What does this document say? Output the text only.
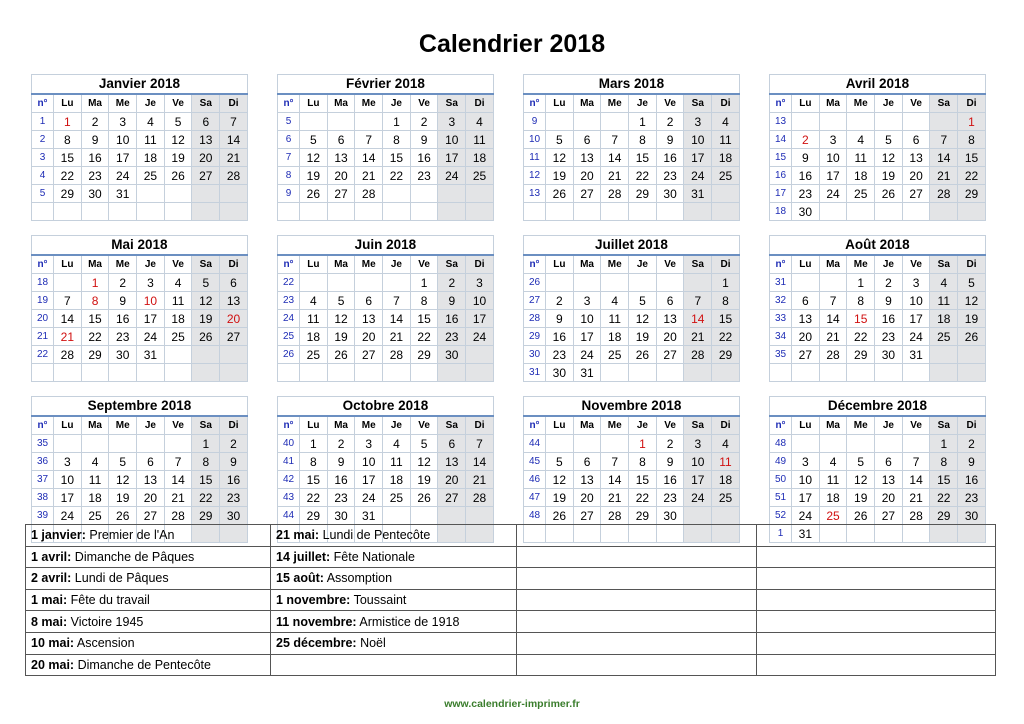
Calendrier 2018
Janvier 2018							
n°	Lu	Ma	Me	Je	Ve	Sa	Di
1	1	2	3	4	5	6	7
2	8	9	10	11	12	13	14
3	15	16	17	18	19	20	21
4	22	23	24	25	26	27	28
5	29	30	31				

Février 2018							
n°	Lu	Ma	Me	Je	Ve	Sa	Di
5				1	2	3	4
6	5	6	7	8	9	10	11
7	12	13	14	15	16	17	18
8	19	20	21	22	23	24	25
9	26	27	28				

Mars 2018							
n°	Lu	Ma	Me	Je	Ve	Sa	Di
9				1	2	3	4
10	5	6	7	8	9	10	11
11	12	13	14	15	16	17	18
12	19	20	21	22	23	24	25
13	26	27	28	29	30	31	

Avril 2018							
n°	Lu	Ma	Me	Je	Ve	Sa	Di
13							1
14	2	3	4	5	6	7	8
15	9	10	11	12	13	14	15
16	16	17	18	19	20	21	22
17	23	24	25	26	27	28	29
18	30						
Mai 2018							
n°	Lu	Ma	Me	Je	Ve	Sa	Di
18		1	2	3	4	5	6
19	7	8	9	10	11	12	13
20	14	15	16	17	18	19	20
21	21	22	23	24	25	26	27
22	28	29	30	31			

Juin 2018							
n°	Lu	Ma	Me	Je	Ve	Sa	Di
22					1	2	3
23	4	5	6	7	8	9	10
24	11	12	13	14	15	16	17
25	18	19	20	21	22	23	24
26	25	26	27	28	29	30	

Juillet 2018							
n°	Lu	Ma	Me	Je	Ve	Sa	Di
26							1
27	2	3	4	5	6	7	8
28	9	10	11	12	13	14	15
29	16	17	18	19	20	21	22
30	23	24	25	26	27	28	29
31	30	31					
Août 2018							
n°	Lu	Ma	Me	Je	Ve	Sa	Di
31			1	2	3	4	5
32	6	7	8	9	10	11	12
33	13	14	15	16	17	18	19
34	20	21	22	23	24	25	26
35	27	28	29	30	31		

Septembre 2018							
n°	Lu	Ma	Me	Je	Ve	Sa	Di
35						1	2
36	3	4	5	6	7	8	9
37	10	11	12	13	14	15	16
38	17	18	19	20	21	22	23
39	24	25	26	27	28	29	30

Octobre 2018							
n°	Lu	Ma	Me	Je	Ve	Sa	Di
40	1	2	3	4	5	6	7
41	8	9	10	11	12	13	14
42	15	16	17	18	19	20	21
43	22	23	24	25	26	27	28
44	29	30	31				

Novembre 2018							
n°	Lu	Ma	Me	Je	Ve	Sa	Di
44				1	2	3	4
45	5	6	7	8	9	10	11
46	12	13	14	15	16	17	18
47	19	20	21	22	23	24	25
48	26	27	28	29	30		

Décembre 2018							
n°	Lu	Ma	Me	Je	Ve	Sa	Di
48						1	2
49	3	4	5	6	7	8	9
50	10	11	12	13	14	15	16
51	17	18	19	20	21	22	23
52	24	25	26	27	28	29	30
1	31						
1 janvier: Premier de l'An	21 mai: Lundi de Pentecôte		
1 avril: Dimanche de Pâques	14 juillet: Fête Nationale		
2 avril: Lundi de Pâques	15 août: Assomption		
1 mai: Fête du travail	1 novembre: Toussaint		
8 mai: Victoire 1945	11 novembre: Armistice de 1918		
10 mai: Ascension	25 décembre: Noël		
20 mai: Dimanche de Pentecôte			
www.calendrier-imprimer.fr
